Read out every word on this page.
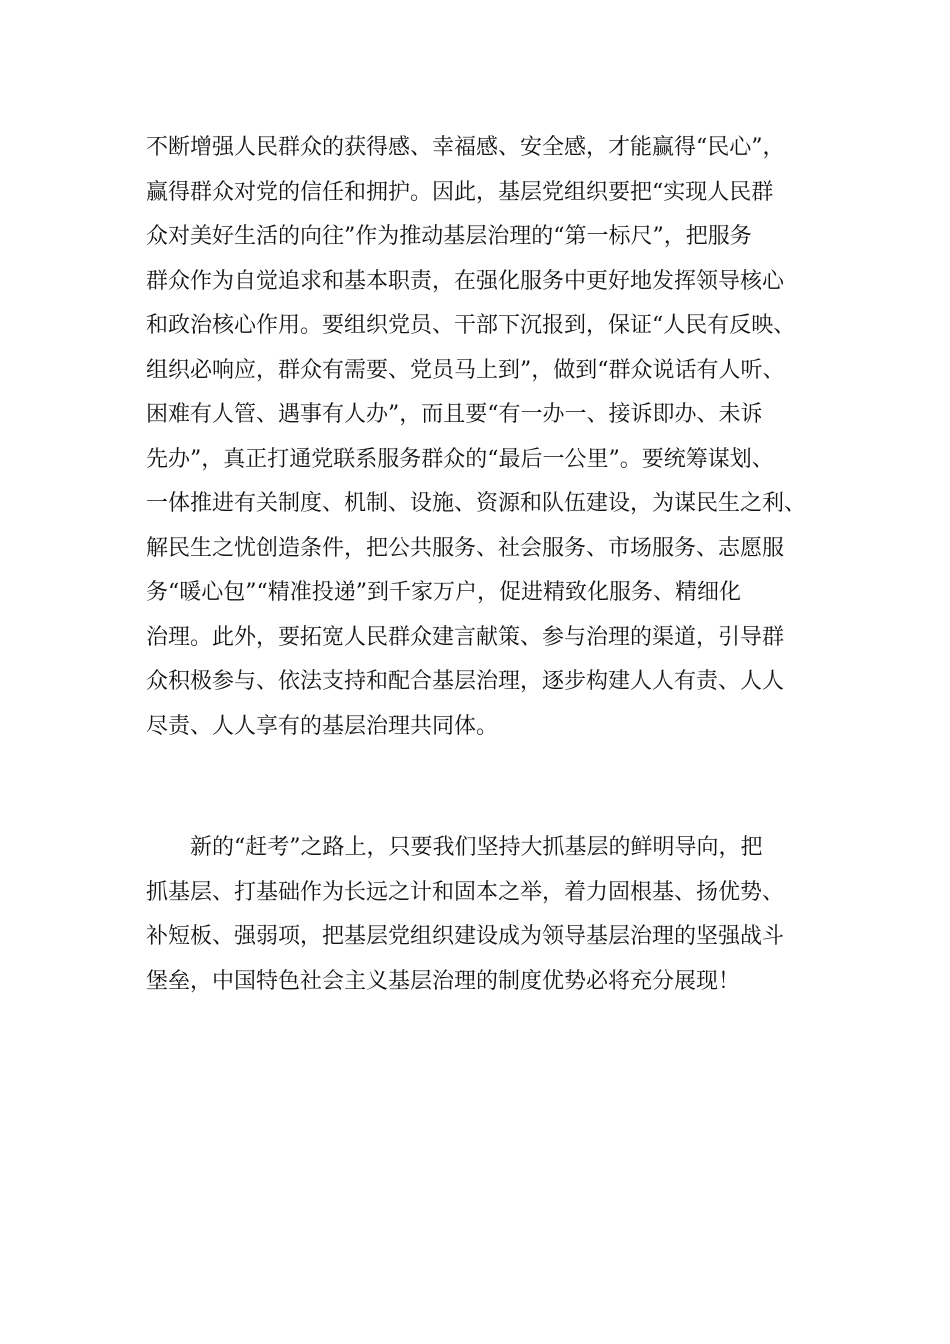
不断增强人民群众的获得感、幸福感、安全感，才能赢得“民心”，
赢得群众对党的信任和拥护。因此，基层党组织要把“实现人民群
众对美好生活的向往”作为推动基层治理的“第一标尺”，把服务
群众作为自觉追求和基本职责，在强化服务中更好地发挥领导核心
和政治核心作用。要组织党员、干部下沉报到，保证“人民有反映、
组织必响应，群众有需要、党员马上到”，做到“群众说话有人听、
困难有人管、遇事有人办”，而且要“有一办一、接诉即办、未诉
先办”，真正打通党联系服务群众的“最后一公里”。要统筹谋划、
一体推进有关制度、机制、设施、资源和队伍建设，为谋民生之利、
解民生之忧创造条件，把公共服务、社会服务、市场服务、志愿服
务“暖心包”“精准投递”到千家万户，促进精致化服务、精细化
治理。此外，要拓宽人民群众建言献策、参与治理的渠道，引导群
众积极参与、依法支持和配合基层治理，逐步构建人人有责、人人
尽责、人人享有的基层治理共同体。
　　新的“赶考”之路上，只要我们坚持大抓基层的鲜明导向，把
抓基层、打基础作为长远之计和固本之举，着力固根基、扬优势、
补短板、强弱项，把基层党组织建设成为领导基层治理的坚强战斗
堡垒，中国特色社会主义基层治理的制度优势必将充分展现！
